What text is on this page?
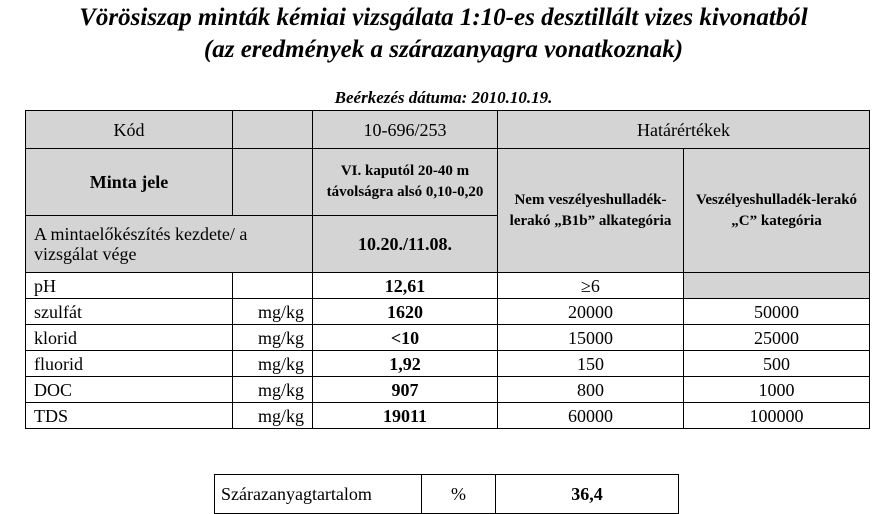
Vörösiszap minták kémiai vizsgálata 1:10-es desztillált vizes kivonatból
(az eredmények a szárazanyagra vonatkoznak)
Beérkezés dátuma: 2010.10.19.
Kód		10-696/253	Határértékek	
Minta jele		VI. kaputól 20-40 m távolságra alsó 0,10-0,20	Nem veszélyeshulladék-lerakó „B1b” alkategória	Veszélyeshulladék-lerakó „C” kategória
A mintaelőkészítés kezdete/ a vizsgálat vége		10.20./11.08.		
pH		12,61	≥6	
szulfát	mg/kg	1620	20000	50000
klorid	mg/kg	<10	15000	25000
fluorid	mg/kg	1,92	150	500
DOC	mg/kg	907	800	1000
TDS	mg/kg	19011	60000	100000
Szárazanyagtartalom	%	36,4
